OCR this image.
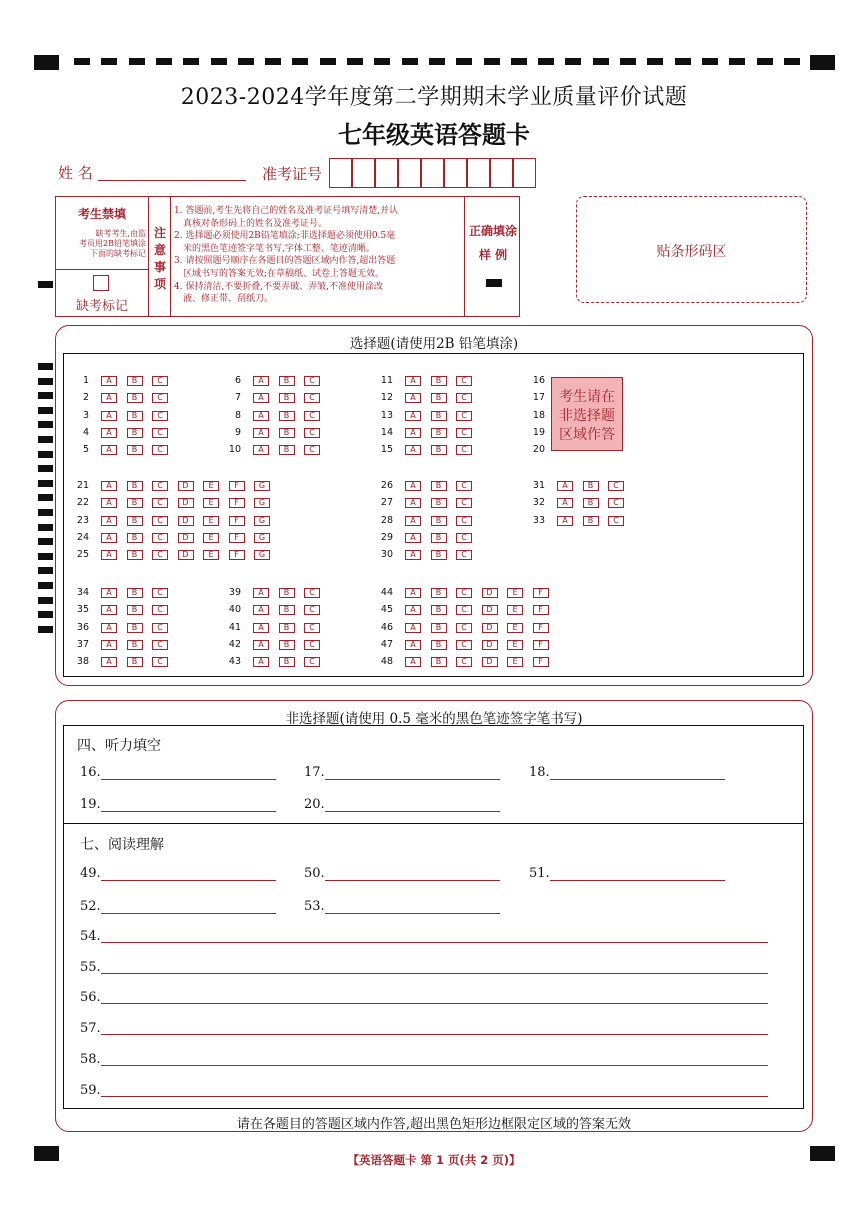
2023-2024学年度第二学期期末学业质量评价试题
七年级英语答题卡
姓 名	准考证号
考生禁填
缺考考生,由监
考员用2B铅笔填涂
下面的缺考标记
缺考标记
注
意
事
项
1. 答题前,考生先将自己的姓名及准考证号填写清楚,并认
真核对条形码上的姓名及准考证号。
2. 选择题必须使用2B铅笔填涂;非选择题必须使用0.5毫
米的黑色笔迹签字笔书写,字体工整、笔迹清晰。
3. 请按照题号顺序在各题目的答题区域内作答,超出答题
区域书写的答案无效;在草稿纸、试卷上答题无效。
4. 保持清洁,不要折叠,不要弄破、弄皱,不准使用涂改
液、修正带、刮纸刀。
正确填涂
样 例	贴条形码区
选择题(请使用2B 铅笔填涂)
1	A	B	C
2	A	B	C
3	A	B	C
4	A	B	C
5	A	B	C
6	A	B	C
7	A	B	C
8	A	B	C
9	A	B	C
10	A	B	C
11	A	B	C
12	A	B	C
13	A	B	C
14	A	B	C
15	A	B	C
16
17
18
19
20
21	A	B	C	D	E	F	G
22	A	B	C	D	E	F	G
23	A	B	C	D	E	F	G
24	A	B	C	D	E	F	G
25	A	B	C	D	E	F	G
26	A	B	C
27	A	B	C
28	A	B	C
29	A	B	C
30	A	B	C
31	A	B	C
32	A	B	C
33	A	B	C
34	A	B	C
35	A	B	C
36	A	B	C
37	A	B	C
38	A	B	C
39	A	B	C
40	A	B	C
41	A	B	C
42	A	B	C
43	A	B	C
44	A	B	C	D	E	F
45	A	B	C	D	E	F
46	A	B	C	D	E	F
47	A	B	C	D	E	F
48	A	B	C	D	E	F
考生请在
非选择题
区域作答
非选择题(请使用 0.5 毫米的黑色笔迹签字笔书写)
四、听力填空
七、阅读理解
16.	17.	18.
19.	20.
49.	50.	51.
52.	53.
54.
55.
56.
57.
58.
59.
请在各题目的答题区域内作答,超出黑色矩形边框限定区域的答案无效
【英语答题卡 第 1 页(共 2 页)】
